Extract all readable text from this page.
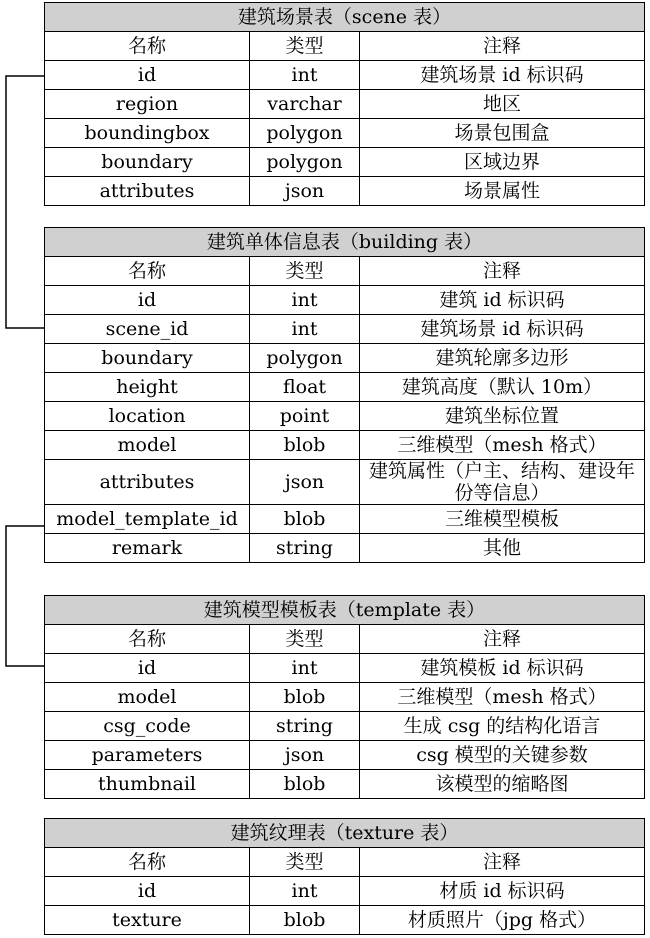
建筑场景表（scene 表）		
名称	类型	注释
id	int	建筑场景 id 标识码
region	varchar	地区
boundingbox	polygon	场景包围盒
boundary	polygon	区域边界
attributes	json	场景属性
建筑单体信息表（building 表）		
名称	类型	注释
id	int	建筑 id 标识码
scene_id	int	建筑场景 id 标识码
boundary	polygon	建筑轮廓多边形
height	float	建筑高度（默认 10m）
location	point	建筑坐标位置
model	blob	三维模型（mesh 格式）
attributes	json	建筑属性（户主、结构、建设年份等信息）
model_template_id	blob	三维模型模板
remark	string	其他
建筑模型模板表（template 表）		
名称	类型	注释
id	int	建筑模板 id 标识码
model	blob	三维模型（mesh 格式）
csg_code	string	生成 csg 的结构化语言
parameters	json	csg 模型的关键参数
thumbnail	blob	该模型的缩略图
建筑纹理表（texture 表）		
名称	类型	注释
id	int	材质 id 标识码
texture	blob	材质照片（jpg 格式）
